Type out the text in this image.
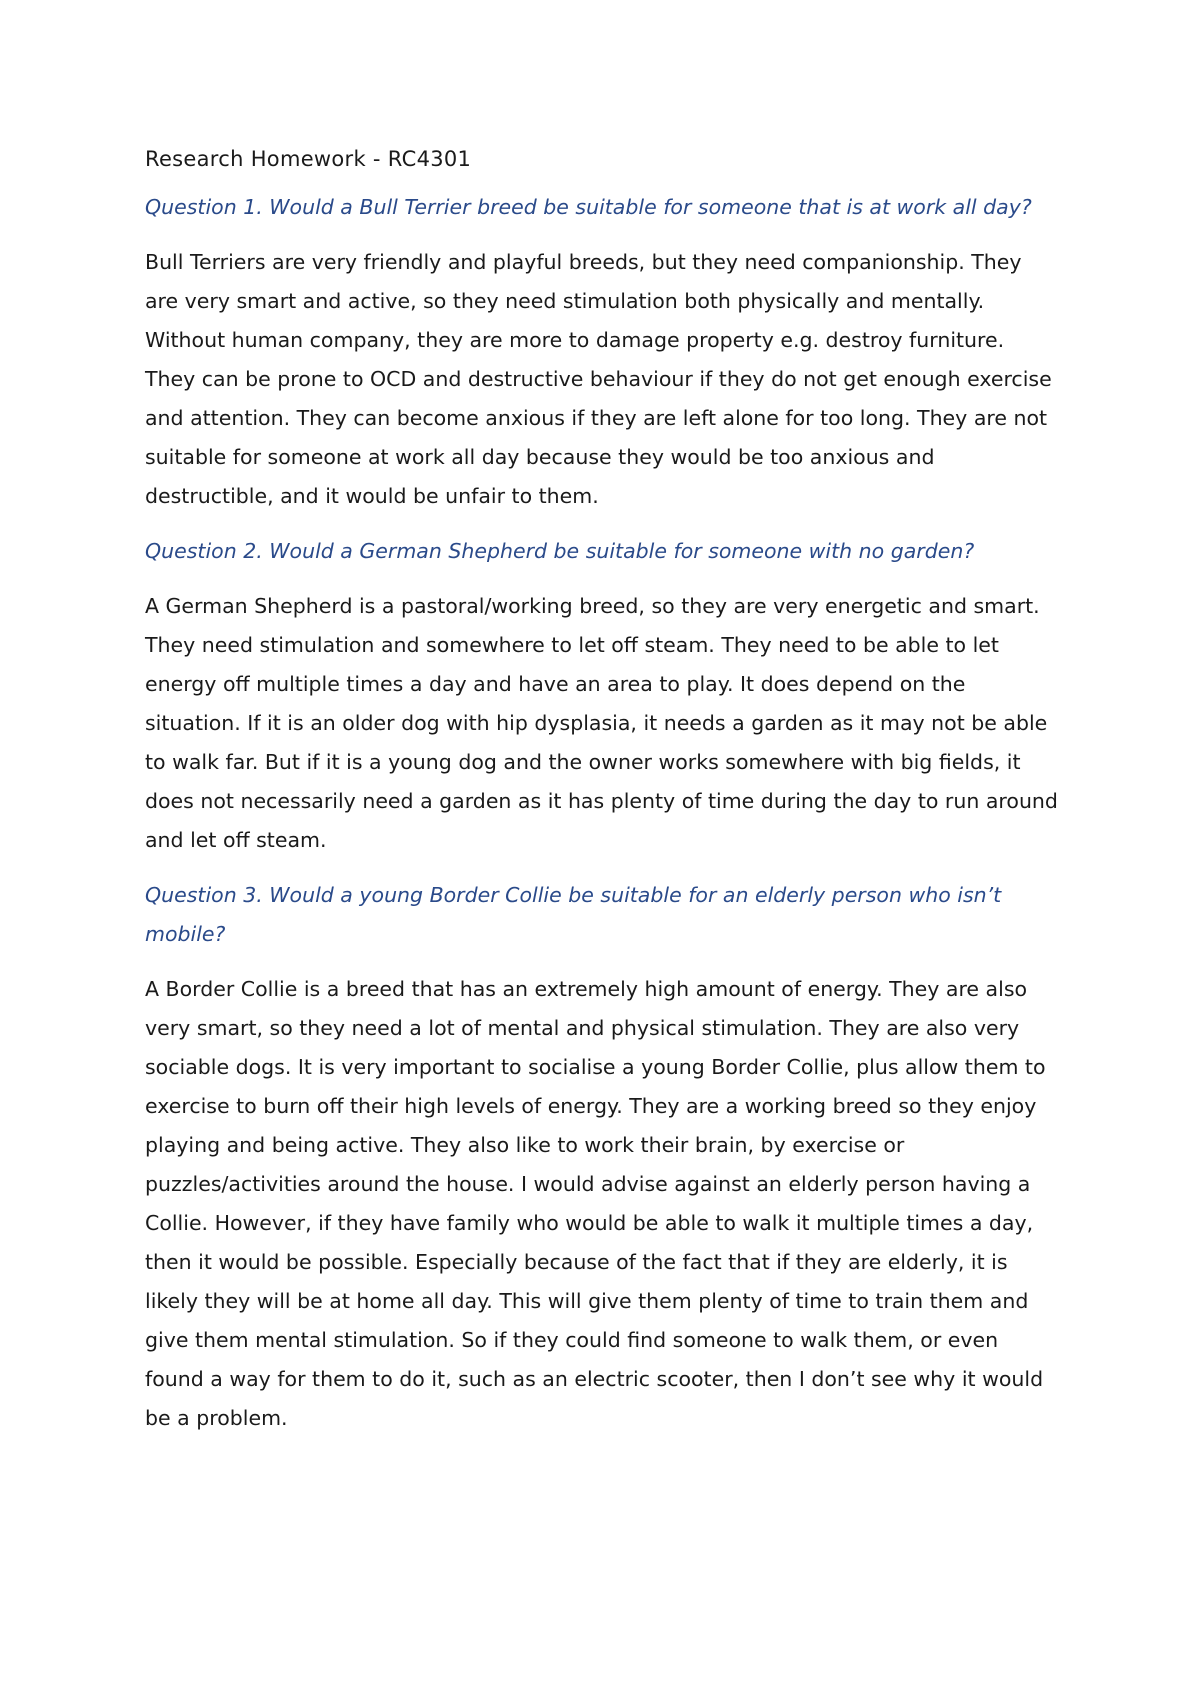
Research Homework - RC4301

Question 1. Would a Bull Terrier breed be suitable for someone that is at work all day?

Bull Terriers are very friendly and playful breeds, but they need companionship. They are very smart and active, so they need stimulation both physically and mentally. Without human company, they are more to damage property e.g. destroy furniture. They can be prone to OCD and destructive behaviour if they do not get enough exercise and attention. They can become anxious if they are left alone for too long. They are not suitable for someone at work all day because they would be too anxious and destructible, and it would be unfair to them.

Question 2. Would a German Shepherd be suitable for someone with no garden?

A German Shepherd is a pastoral/working breed, so they are very energetic and smart. They need stimulation and somewhere to let off steam. They need to be able to let energy off multiple times a day and have an area to play. It does depend on the situation. If it is an older dog with hip dysplasia, it needs a garden as it may not be able to walk far. But if it is a young dog and the owner works somewhere with big fields, it does not necessarily need a garden as it has plenty of time during the day to run around and let off steam.

Question 3. Would a young Border Collie be suitable for an elderly person who isn’t mobile?

A Border Collie is a breed that has an extremely high amount of energy. They are also very smart, so they need a lot of mental and physical stimulation. They are also very sociable dogs. It is very important to socialise a young Border Collie, plus allow them to exercise to burn off their high levels of energy. They are a working breed so they enjoy playing and being active. They also like to work their brain, by exercise or puzzles/activities around the house. I would advise against an elderly person having a Collie. However, if they have family who would be able to walk it multiple times a day, then it would be possible. Especially because of the fact that if they are elderly, it is likely they will be at home all day. This will give them plenty of time to train them and give them mental stimulation. So if they could find someone to walk them, or even found a way for them to do it, such as an electric scooter, then I don’t see why it would be a problem.
